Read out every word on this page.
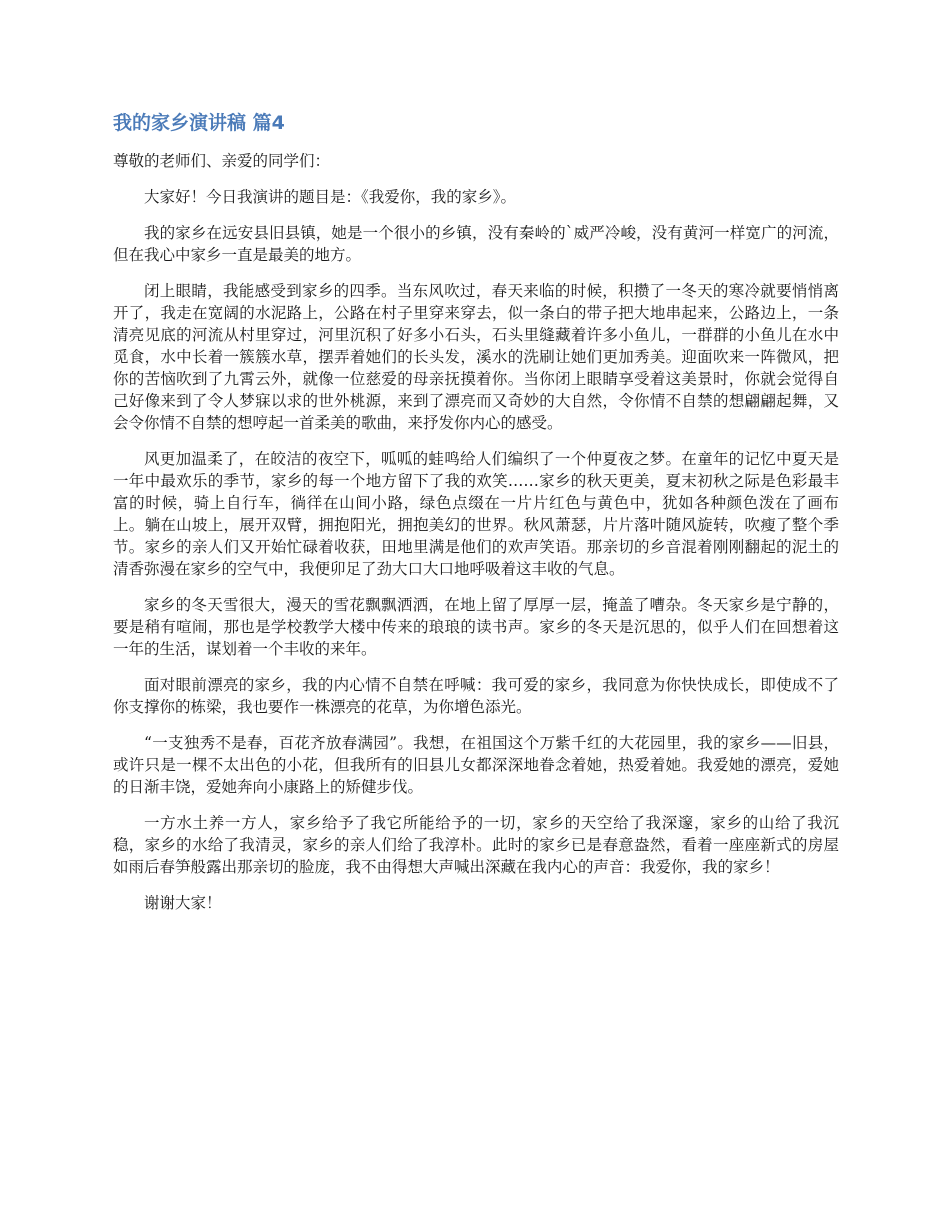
我的家乡演讲稿 篇4
尊敬的老师们、亲爱的同学们：

大家好！今日我演讲的题目是：《我爱你，我的家乡》。

我的家乡在远安县旧县镇，她是一个很小的乡镇，没有秦岭的`威严冷峻，没有黄河一样宽广的河流，但在我心中家乡一直是最美的地方。

闭上眼睛，我能感受到家乡的四季。当东风吹过，春天来临的时候，积攒了一冬天的寒冷就要悄悄离开了，我走在宽阔的水泥路上，公路在村子里穿来穿去，似一条白的带子把大地串起来，公路边上，一条清亮见底的河流从村里穿过，河里沉积了好多小石头，石头里缝藏着许多小鱼儿，一群群的小鱼儿在水中觅食，水中长着一簇簇水草，摆弄着她们的长头发，溪水的洗刷让她们更加秀美。迎面吹来一阵微风，把你的苦恼吹到了九霄云外，就像一位慈爱的母亲抚摸着你。当你闭上眼睛享受着这美景时，你就会觉得自己好像来到了令人梦寐以求的世外桃源，来到了漂亮而又奇妙的大自然，令你情不自禁的想翩翩起舞，又会令你情不自禁的想哼起一首柔美的歌曲，来抒发你内心的感受。

风更加温柔了，在皎洁的夜空下，呱呱的蛙鸣给人们编织了一个仲夏夜之梦。在童年的记忆中夏天是一年中最欢乐的季节，家乡的每一个地方留下了我的欢笑……家乡的秋天更美，夏末初秋之际是色彩最丰富的时候，骑上自行车，徜徉在山间小路，绿色点缀在一片片红色与黄色中，犹如各种颜色泼在了画布上。躺在山坡上，展开双臂，拥抱阳光，拥抱美幻的世界。秋风萧瑟，片片落叶随风旋转，吹瘦了整个季节。家乡的亲人们又开始忙碌着收获，田地里满是他们的欢声笑语。那亲切的乡音混着刚刚翻起的泥土的清香弥漫在家乡的空气中，我便卯足了劲大口大口地呼吸着这丰收的气息。

家乡的冬天雪很大，漫天的雪花飘飘洒洒，在地上留了厚厚一层，掩盖了嘈杂。冬天家乡是宁静的，要是稍有喧闹，那也是学校教学大楼中传来的琅琅的读书声。家乡的冬天是沉思的，似乎人们在回想着这一年的生活，谋划着一个丰收的来年。

面对眼前漂亮的家乡，我的内心情不自禁在呼喊：我可爱的家乡，我同意为你快快成长，即使成不了你支撑你的栋梁，我也要作一株漂亮的花草，为你增色添光。

“一支独秀不是春，百花齐放春满园”。我想，在祖国这个万紫千红的大花园里，我的家乡——旧县，或许只是一棵不太出色的小花，但我所有的旧县儿女都深深地眷念着她，热爱着她。我爱她的漂亮，爱她的日渐丰饶，爱她奔向小康路上的矫健步伐。

一方水土养一方人，家乡给予了我它所能给予的一切，家乡的天空给了我深邃，家乡的山给了我沉稳，家乡的水给了我清灵，家乡的亲人们给了我淳朴。此时的家乡已是春意盎然，看着一座座新式的房屋如雨后春笋般露出那亲切的脸庞，我不由得想大声喊出深藏在我内心的声音：我爱你，我的家乡！

谢谢大家！
